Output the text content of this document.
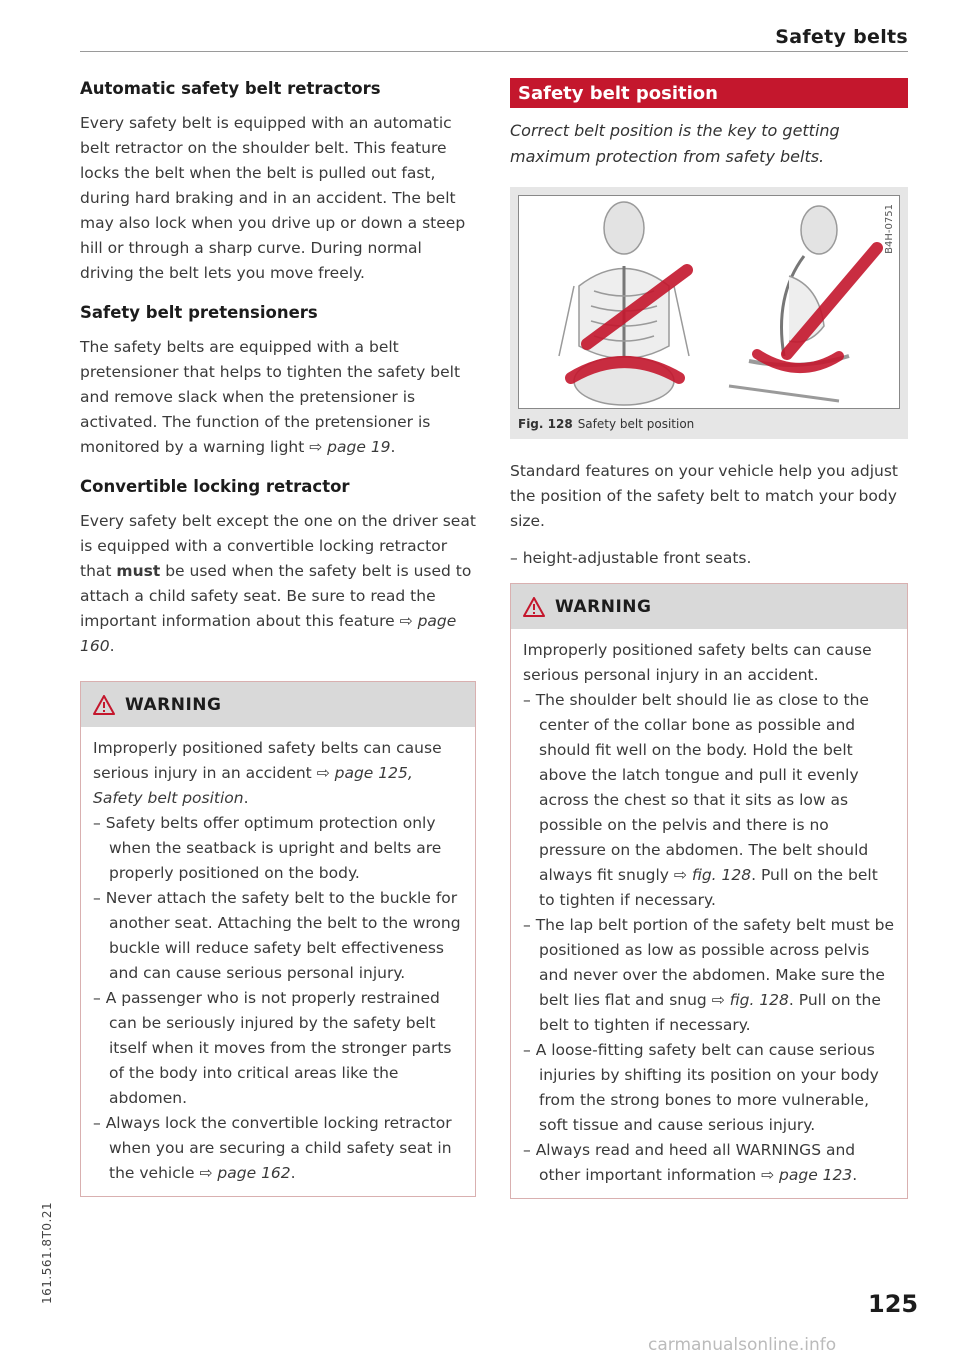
Safety belts
Automatic safety belt retractors

Every safety belt is equipped with an automatic belt retractor on the shoulder belt. This feature locks the belt when the belt is pulled out fast, during hard braking and in an accident. The belt may also lock when you drive up or down a steep hill or through a sharp curve. During normal driving the belt lets you move freely.

Safety belt pretensioners

The safety belts are equipped with a belt pretensioner that helps to tighten the safety belt and remove slack when the pretensioner is activated. The function of the pretensioner is monitored by a warning light ⇨ page 19.

Convertible locking retractor

Every safety belt except the one on the driver seat is equipped with a convertible locking retractor that must be used when the safety belt is used to attach a child safety seat. Be sure to read the important information about this feature ⇨ page 160.

WARNING

Improperly positioned safety belts can cause serious injury in an accident ⇨ page 125, Safety belt position.

– Safety belts offer optimum protection only when the seatback is upright and belts are properly positioned on the body.
– Never attach the safety belt to the buckle for another seat. Attaching the belt to the wrong buckle will reduce safety belt effectiveness and can cause serious personal injury.
– A passenger who is not properly restrained can be seriously injured by the safety belt itself when it moves from the stronger parts of the body into critical areas like the abdomen.
– Always lock the convertible locking retractor when you are securing a child safety seat in the vehicle ⇨ page 162.
Safety belt position

Correct belt position is the key to getting maximum protection from safety belts.

B4H-0751
Fig. 128 Safety belt position

Standard features on your vehicle help you adjust the position of the safety belt to match your body size.

– height-adjustable front seats.
WARNING

Improperly positioned safety belts can cause serious personal injury in an accident.

– The shoulder belt should lie as close to the center of the collar bone as possible and should fit well on the body. Hold the belt above the latch tongue and pull it evenly across the chest so that it sits as low as possible on the pelvis and there is no pressure on the abdomen. The belt should always fit snugly ⇨ fig. 128. Pull on the belt to tighten if necessary.
– The lap belt portion of the safety belt must be positioned as low as possible across pelvis and never over the abdomen. Make sure the belt lies flat and snug ⇨ fig. 128. Pull on the belt to tighten if necessary.
– A loose-fitting safety belt can cause serious injuries by shifting its position on your body from the strong bones to more vulnerable, soft tissue and cause serious injury.
– Always read and heed all WARNINGS and other important information ⇨ page 123.
161.561.8T0.21	125
carmanualsonline.info
